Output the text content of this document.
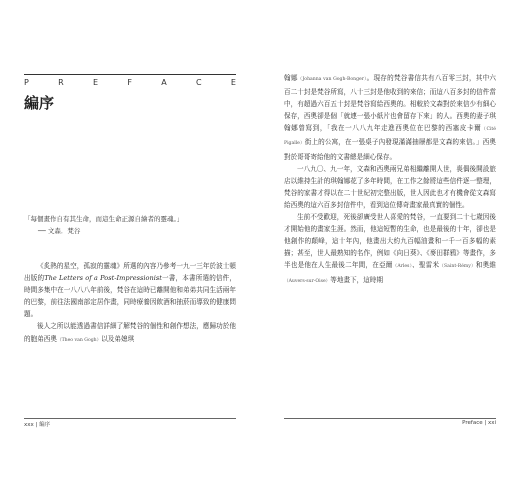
P	R	E	F	A	C	E
編序
「每個畫作自有其生命，而這生命正源自繪者的靈魂。」
── 文森．梵谷

《炙熱的星空，孤寂的靈魂》所選的內容乃參考一九一三年於波士頓出版的The Letters of a Post-Impressionist一書，本書所選的信件，時間多集中在一八八八年前後，梵谷在這時已離開他和弟弟共同生活兩年的巴黎，前往法國南部定居作畫，同時療養因飲酒和抽菸而導致的健康問題。

後人之所以能透過書信詳細了解梵谷的個性和創作想法，應歸功於他的胞弟西奧（Theo van Gogh）以及弟媳琪

xxx | 編序

翰娜（Johanna van Gogh-Bonger）。現存的梵谷書信共有八百零三封，其中六百二十封是梵谷所寫，八十三封是他收到的來信；而這八百多封的信件當中，有超過六百五十封是梵谷寫給西奧的。相較於文森對於來信少有細心保存，西奧卻是個「就連一張小紙片也會留存下來」的人。西奧的妻子琪翰娜曾寫到，「我在一八八九年走進西奧位在巴黎的西塞皮卡爾（Cité Pigalle）街上的公寓，在一張桌子內發現滿滿抽屜都是文森的來信。」西奧對於哥哥寄給他的文書總是細心保存。

一八九〇、九一年，文森和西奧兩兄弟相繼離開人世，喪偶後開設旅店以維持生計的琪翰娜花了多年時間，在工作之餘將這些信件逐一整理，梵谷的家書才得以在二十世紀初完整出版，世人因此也才有機會從文森寫給西奧的這六百多封信件中，看到這位傳奇畫家最真實的個性。

生前不受歡迎，死後卻廣受世人喜愛的梵谷，一直要到二十七歲因後才開始他的畫家生涯。然而，他這短暫的生命，也是最後的十年，卻也是他創作的顛峰，這十年內，他畫出大約九百幅油畫和一千一百多幅的素描；甚至，世人最熟知的名作，例如《向日葵》、《麥田群鴉》等畫作，多半也是他在人生最後二年間，在亞爾（Arles）、聖雷米（Saint-Rémy）和奧維（Auvers-sur-Oise）等地畫下，這時期

Preface | xxi
